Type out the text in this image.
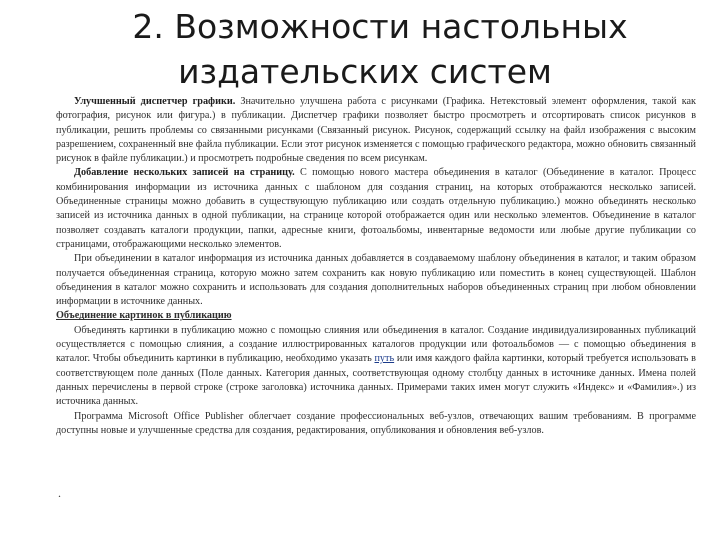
2. Возможности настольных
издательских систем

Улучшенный диспетчер графики. Значительно улучшена работа с рисунками (Графика. Нетекстовый элемент оформления, такой как фотография, рисунок или фигура.) в публикации. Диспетчер графики позволяет быстро просмотреть и отсортировать список рисунков в публикации, решить проблемы со связанными рисунками (Связанный рисунок. Рисунок, содержащий ссылку на файл изображения с высоким разрешением, сохраненный вне файла публикации. Если этот рисунок изменяется с помощью графического редактора, можно обновить связанный рисунок в файле публикации.) и просмотреть подробные сведения по всем рисункам.

Добавление нескольких записей на страницу. С помощью нового мастера объединения в каталог (Объединение в каталог. Процесс комбинирования информации из источника данных с шаблоном для создания страниц, на которых отображаются несколько записей. Объединенные страницы можно добавить в существующую публикацию или создать отдельную публикацию.) можно объединять несколько записей из источника данных в одной публикации, на странице которой отображается один или несколько элементов. Объединение в каталог позволяет создавать каталоги продукции, папки, адресные книги, фотоальбомы, инвентарные ведомости или любые другие публикации со страницами, отображающими несколько элементов.

При объединении в каталог информация из источника данных добавляется в создаваемому шаблону объединения в каталог, и таким образом получается объединенная страница, которую можно затем сохранить как новую публикацию или поместить в конец существующей. Шаблон объединения в каталог можно сохранить и использовать для создания дополнительных наборов объединенных страниц при любом обновлении информации в источнике данных.

Объединение картинок в публикацию

Объединять картинки в публикацию можно с помощью слияния или объединения в каталог. Создание индивидуализированных публикаций осуществляется с помощью слияния, а создание иллюстрированных каталогов продукции или фотоальбомов — с помощью объединения в каталог. Чтобы объединить картинки в публикацию, необходимо указать путь или имя каждого файла картинки, который требуется использовать в соответствующем поле данных (Поле данных. Категория данных, соответствующая одному столбцу данных в источнике данных. Имена полей данных перечислены в первой строке (строке заголовка) источника данных. Примерами таких имен могут служить «Индекс» и «Фамилия».) из источника данных.

Программа Microsoft Office Publisher облегчает создание профессиональных веб-узлов, отвечающих вашим требованиям. В программе доступны новые и улучшенные средства для создания, редактирования, опубликования и обновления веб-узлов.

.
